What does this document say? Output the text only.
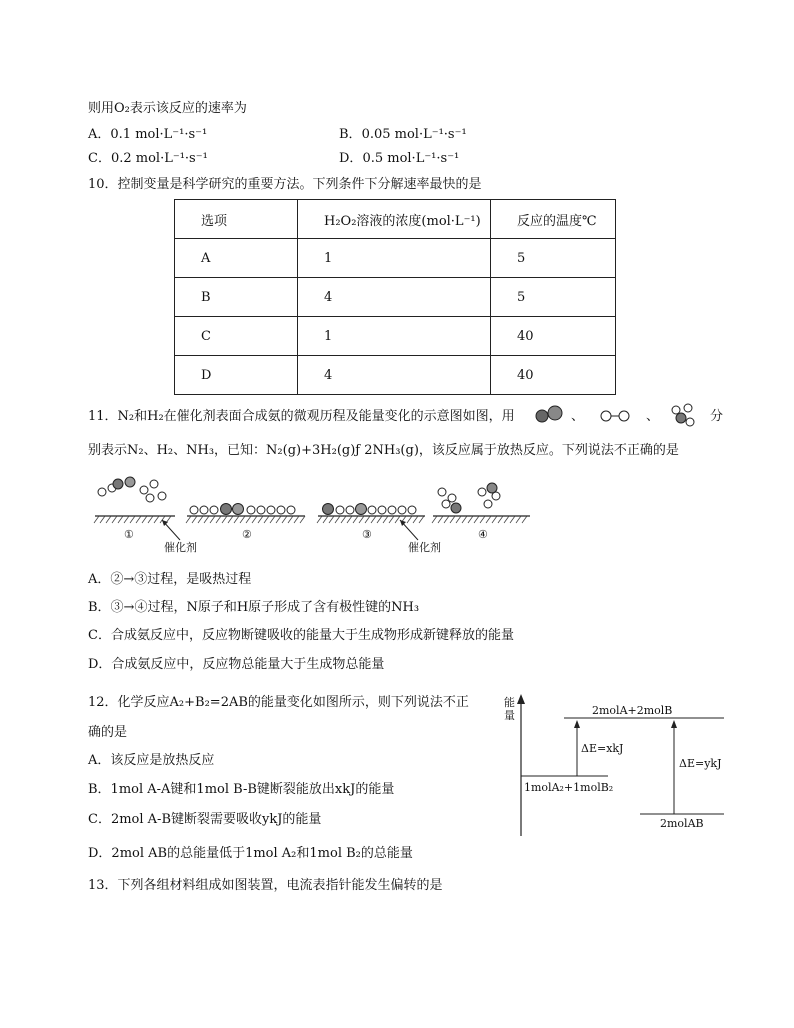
则用O₂表示该反应的速率为
A．0.1 mol·L⁻¹·s⁻¹	B．0.05 mol·L⁻¹·s⁻¹
C．0.2 mol·L⁻¹·s⁻¹	D．0.5 mol·L⁻¹·s⁻¹
10．控制变量是科学研究的重要方法。下列条件下分解速率最快的是
选项	H₂O₂溶液的浓度(mol·L⁻¹)	反应的温度℃
A	1	5
B	4	5
C	1	40
D	4	40
11．N₂和H₂在催化剂表面合成氨的微观历程及能量变化的示意图如图，用	、	、	分
别表示N₂、H₂、NH₃，已知：N₂(g)+3H₂(g)ƒ 2NH₃(g)，该反应属于放热反应。下列说法不正确的是
①	②	③	④
催化剂	催化剂
A．②→③过程，是吸热过程
B．③→④过程，N原子和H原子形成了含有极性键的NH₃
C．合成氨反应中，反应物断键吸收的能量大于生成物形成新键释放的能量
D．合成氨反应中，反应物总能量大于生成物总能量
12．化学反应A₂+B₂=2AB的能量变化如图所示，则下列说法不正
确的是
A．该反应是放热反应
B．1mol A-A键和1mol B-B键断裂能放出xkJ的能量
C．2mol A-B键断裂需要吸收ykJ的能量
D．2mol AB的总能量低于1mol A₂和1mol B₂的总能量
能量	2molA+2molB
ΔE=xkJ
ΔE=ykJ
1molA₂+1molB₂
2molAB
13．下列各组材料组成如图装置，电流表指针能发生偏转的是
